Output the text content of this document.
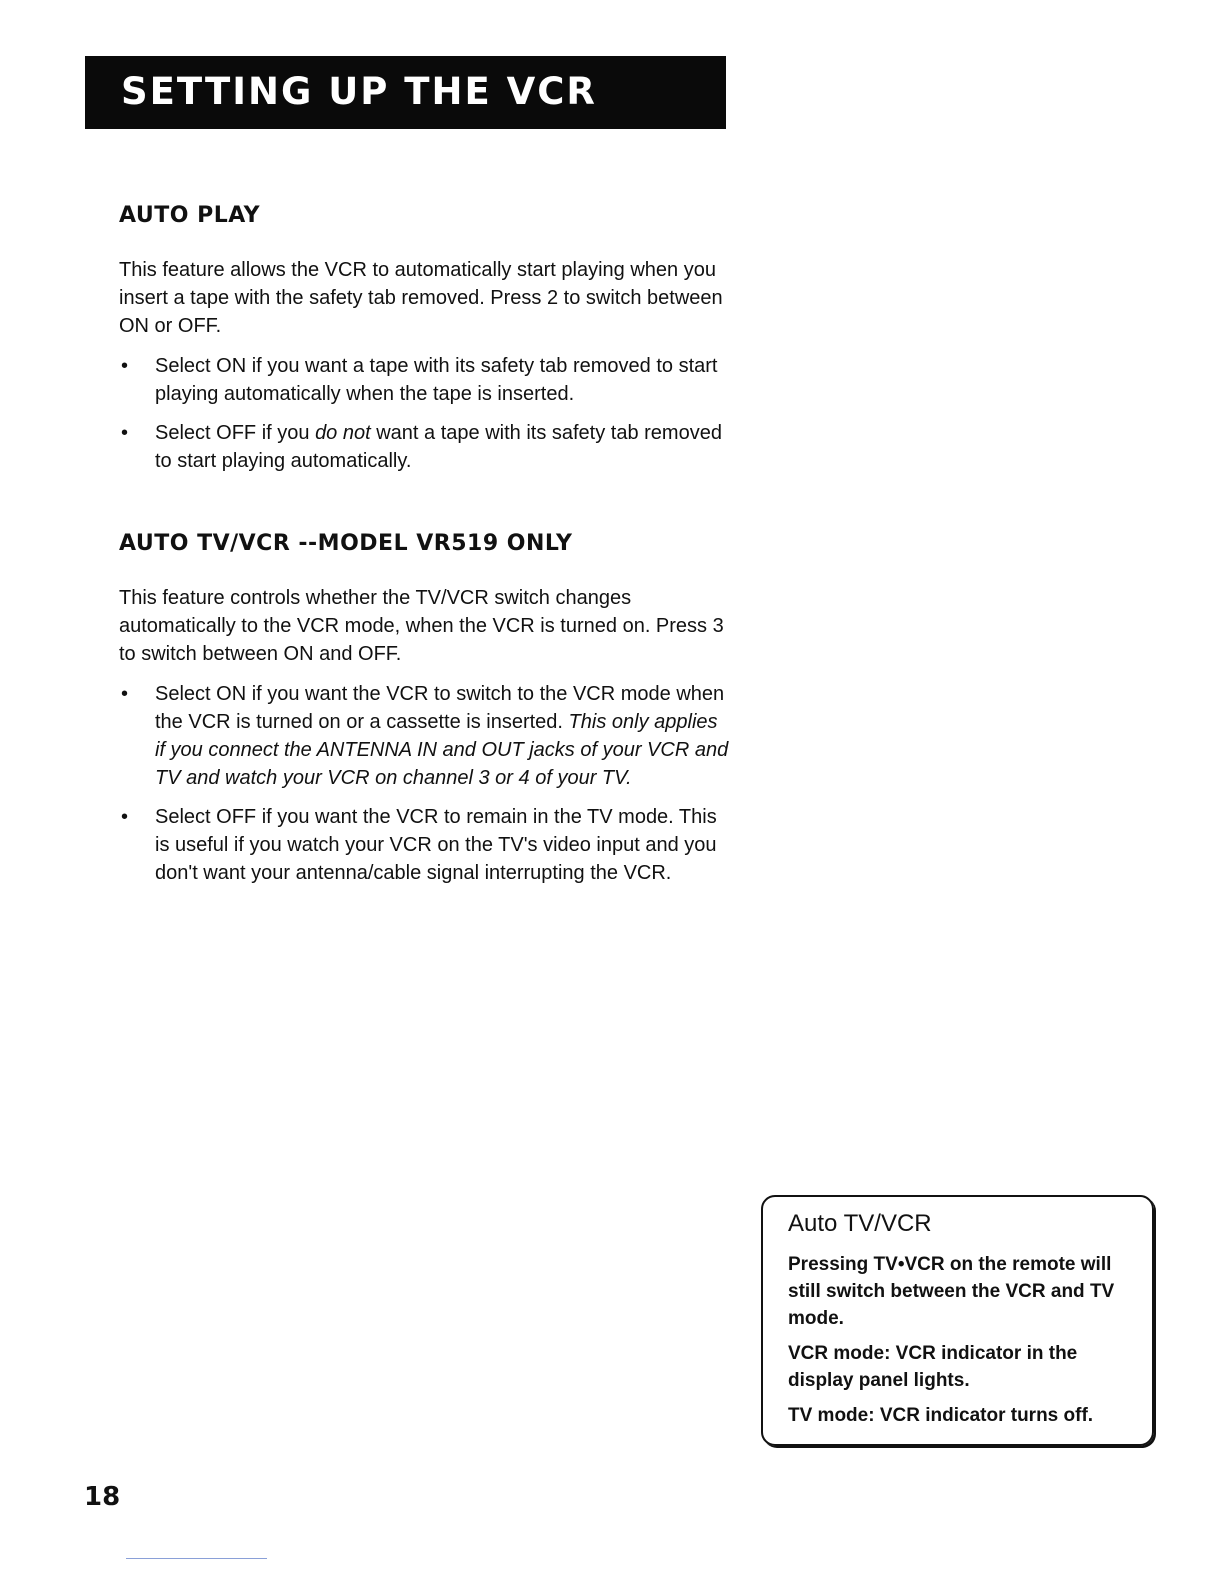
SETTING UP THE VCR
AUTO PLAY

This feature allows the VCR to automatically start playing when you insert a tape with the safety tab removed. Press 2 to switch between ON or OFF.

• Select ON if you want a tape with its safety tab removed to start playing automatically when the tape is inserted.
• Select OFF if you do not want a tape with its safety tab removed to start playing automatically.
AUTO TV/VCR --MODEL VR519 ONLY

This feature controls whether the TV/VCR switch changes automatically to the VCR mode, when the VCR is turned on. Press 3 to switch between ON and OFF.

• Select ON if you want the VCR to switch to the VCR mode when the VCR is turned on or a cassette is inserted. This only applies if you connect the ANTENNA IN and OUT jacks of your VCR and TV and watch your VCR on channel 3 or 4 of your TV.
• Select OFF if you want the VCR to remain in the TV mode. This is useful if you watch your VCR on the TV's video input and you don't want your antenna/cable signal interrupting the VCR.
Auto TV/VCR

Pressing TV•VCR on the remote will still switch between the VCR and TV mode.

VCR mode: VCR indicator in the display panel lights.

TV mode: VCR indicator turns off.

18
